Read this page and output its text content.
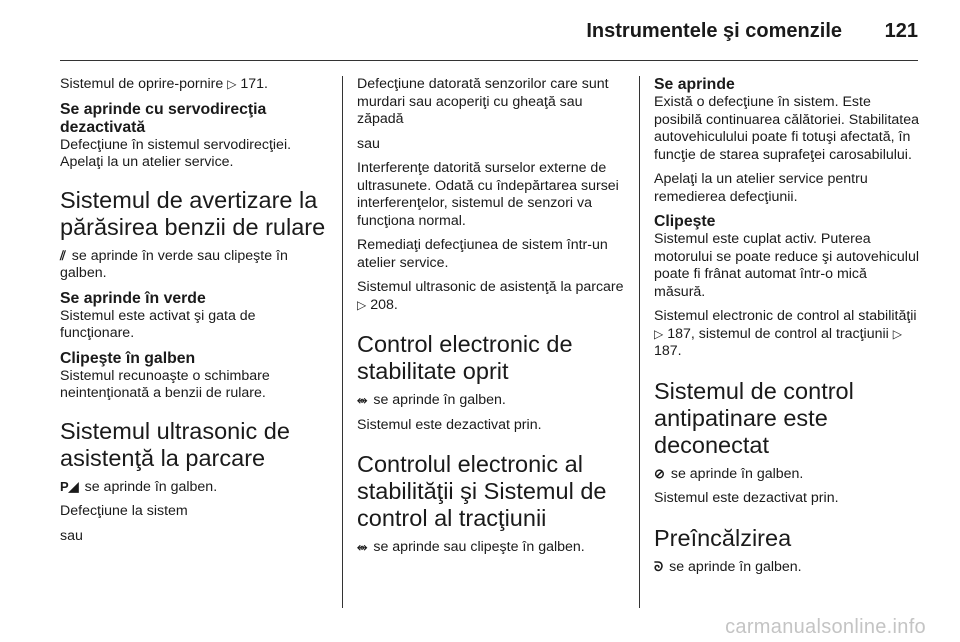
Instrumentele şi comenzile 121

Sistemul de oprire-pornire ▷ 171.

Se aprinde cu servodirecţia dezactivată

Defecţiune în sistemul servodirecţiei. Apelaţi la un atelier service.

Sistemul de avertizare la părăsirea benzii de rulare

⫽ se aprinde în verde sau clipeşte în galben.

Se aprinde în verde

Sistemul este activat şi gata de funcţionare.

Clipeşte în galben

Sistemul recunoaşte o schimbare neintenţionată a benzii de rulare.

Sistemul ultrasonic de asistenţă la parcare

P◢ se aprinde în galben.

Defecţiune la sistem

sau

Defecţiune datorată senzorilor care sunt murdari sau acoperiţi cu gheaţă sau zăpadă

sau

Interferenţe datorită surselor externe de ultrasunete. Odată cu îndepărtarea sursei interferenţelor, sistemul de senzori va funcţiona normal.

Remediaţi defecţiunea de sistem într-un atelier service.

Sistemul ultrasonic de asistenţă la parcare ▷ 208.

Control electronic de stabilitate oprit

⥈ se aprinde în galben.

Sistemul este dezactivat prin.

Controlul electronic al stabilităţii şi Sistemul de control al tracţiunii

⥈ se aprinde sau clipeşte în galben.

Se aprinde

Există o defecţiune în sistem. Este posibilă continuarea călătoriei. Stabilitatea autovehiculului poate fi totuşi afectată, în funcţie de starea suprafeţei carosabilului.

Apelaţi la un atelier service pentru remedierea defecţiunii.

Clipeşte

Sistemul este cuplat activ. Puterea motorului se poate reduce şi autovehiculul poate fi frânat automat într-o mică măsură.

Sistemul electronic de control al stabilităţii ▷ 187, sistemul de control al tracţiunii ▷ 187.

Sistemul de control antipatinare este deconectat

⊘ se aprinde în galben.

Sistemul este dezactivat prin.

Preîncălzirea

ᘐ se aprinde în galben.

carmanualsonline.info
